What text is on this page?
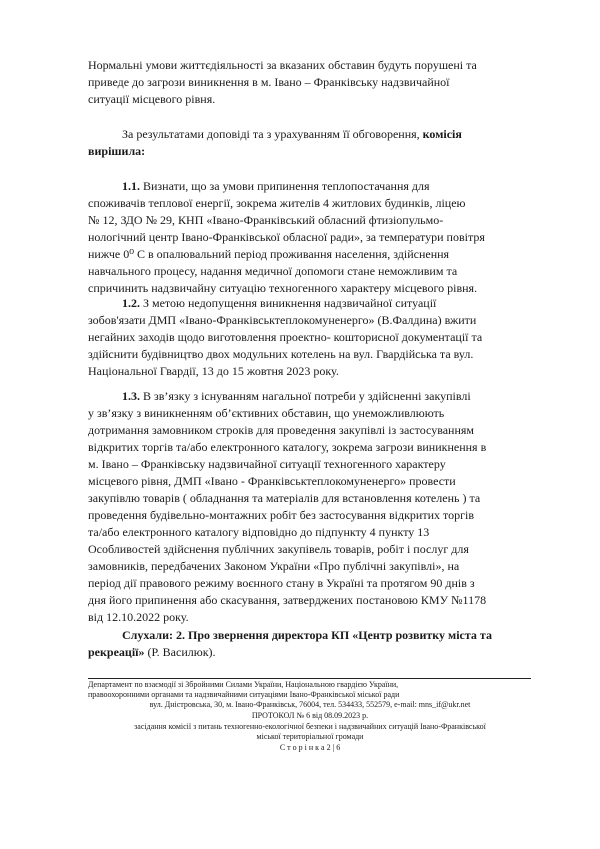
Нормальні умови життєдіяльності за вказаних обставин будуть порушені та
приведе до загрози виникнення в м. Івано – Франківську надзвичайної
ситуації місцевого рівня.
За результатами доповіді та з урахуванням її обговорення, комісія
вирішила:
1.1. Визнати, що за умови припинення теплопостачання для
споживачів теплової енергії, зокрема жителів 4 житлових будинків, ліцею
№ 12, ЗДО № 29, КНП «Івано-Франківський обласний фтизіопульмо-
нологічний центр Івано-Франківської обласної ради», за температури повітря
нижче 0⁰ С в опалювальний період проживання населення, здійснення
навчального процесу, надання медичної допомоги стане неможливим та
спричинить надзвичайну ситуацію техногенного характеру місцевого рівня.
1.2. З метою недопущення виникнення надзвичайної ситуації
зобов'язати ДМП «Івано-Франківськтеплокомуненерго» (В.Фалдина) вжити
негайних заходів щодо виготовлення проектно- кошторисної документації та
здійснити будівництво двох модульних котелень на вул. Гвардійська та вул.
Національної Гвардії, 13 до 15 жовтня 2023 року.
1.3. В зв’язку з існуванням нагальної потреби у здійсненні закупівлі
у зв’язку з виникненням об’єктивних обставин, що унеможливлюють
дотримання замовником строків для проведення закупівлі із застосуванням
відкритих торгів та/або електронного каталогу, зокрема загрози виникнення в
м. Івано – Франківську надзвичайної ситуації техногенного характеру
місцевого рівня, ДМП «Івано - Франківськтеплокомуненерго» провести
закупівлю товарів ( обладнання та матеріалів для встановлення котелень ) та
проведення будівельно-монтажних робіт без застосування відкритих торгів
та/або електронного каталогу відповідно до підпункту 4 пункту 13
Особливостей здійснення публічних закупівель товарів, робіт і послуг для
замовників, передбачених Законом України «Про публічні закупівлі», на
період дії правового режиму воєнного стану в Україні та протягом 90 днів з
дня його припинення або скасування, затверджених постановою КМУ №1178
від 12.10.2022 року.
Слухали: 2. Про звернення директора КП «Центр розвитку міста та
рекреації» (Р. Василюк).
Департамент по взаємодії зі Збройними Силами України, Національною гвардією України,
правоохоронними органами та надзвичайними ситуаціями Івано-Франківської міської ради
вул. Дністровська, 30, м. Івано-Франківськ, 76004, тел. 534433, 552579, e-mail: mns_if@ukr.net
ПРОТОКОЛ № 6 від 08.09.2023 р.
засідання комісії з питань техногенно-екологічної безпеки і надзвичайних ситуацій Івано-Франківської
міської територіальної громади
С т о р і н к а 2 | 6
